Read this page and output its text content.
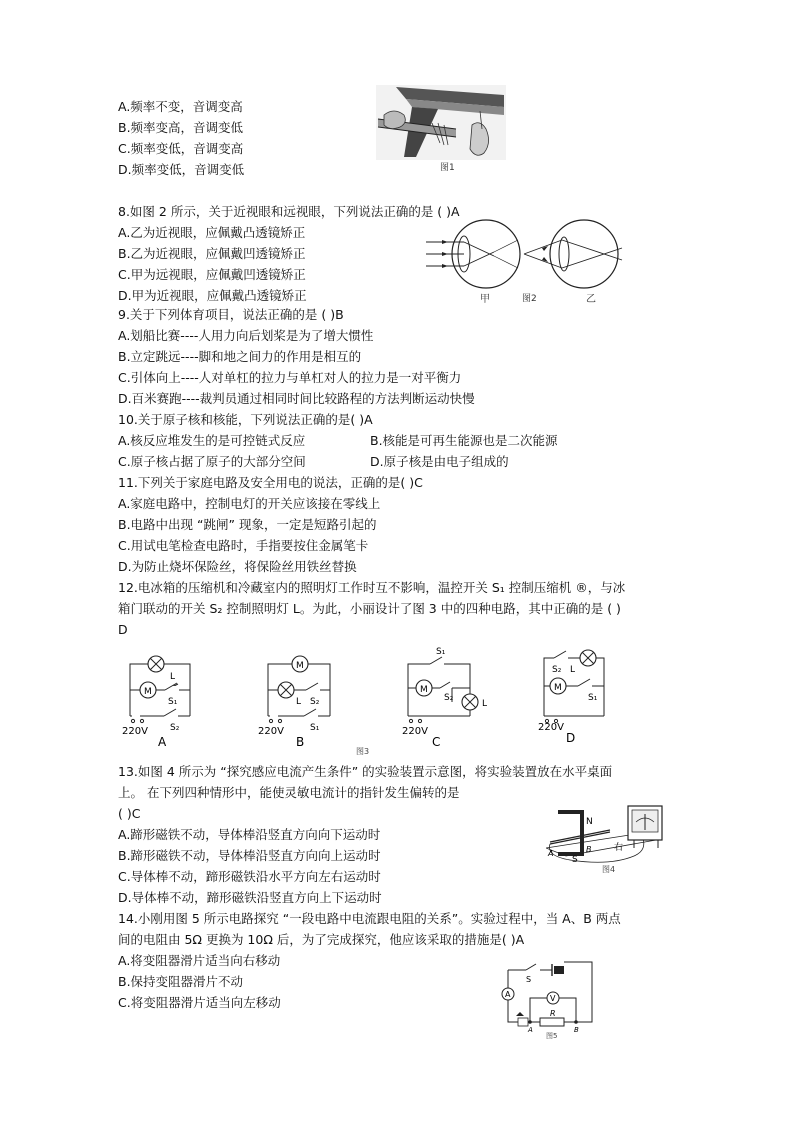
A.频率不变，音调变高
B.频率变高，音调变低
C.频率变低，音调变高
D.频率变低，音调变低	图1
8.如图 2 所示，关于近视眼和远视眼，下列说法正确的是 ( )A
A.乙为近视眼，应佩戴凸透镜矫正
B.乙为近视眼，应佩戴凹透镜矫正
C.甲为远视眼，应佩戴凹透镜矫正
D.甲为近视眼，应佩戴凸透镜矫正	甲	图2	乙
9.关于下列体育项目，说法正确的是 ( )B
A.划船比赛----人用力向后划桨是为了增大惯性
B.立定跳远----脚和地之间力的作用是相互的
C.引体向上----人对单杠的拉力与单杠对人的拉力是一对平衡力
D.百米赛跑----裁判员通过相同时间比较路程的方法判断运动快慢
10.关于原子核和核能，下列说法正确的是( )A
A.核反应堆发生的是可控链式反应	B.核能是可再生能源也是二次能源
C.原子核占据了原子的大部分空间	D.原子核是由电子组成的
11.下列关于家庭电路及安全用电的说法，正确的是( )C
A.家庭电路中，控制电灯的开关应该接在零线上
B.电路中出现 “跳闸” 现象，一定是短路引起的
C.用试电笔检查电路时，手指要按住金属笔卡
D.为防止烧坏保险丝，将保险丝用铁丝替换
12.电冰箱的压缩机和冷藏室内的照明灯工作时互不影响，温控开关 S₁ 控制压缩机 ®，与冰
箱门联动的开关 S₂ 控制照明灯 L。为此，小丽设计了图 3 中的四种电路，其中正确的是 ( )
D
M
L
S₁
S₂
220V
A
M
L S₂
S₁
220V
B
M
S₁
S₂
L
220V
C
M
S₂ L
S₁
220V
D
图3
13.如图 4 所示为 “探究感应电流产生条件” 的实验装置示意图，将实验装置放在水平桌面
上。 在下列四种情形中，能使灵敏电流计的指针发生偏转的是
( )C
A.蹄形磁铁不动，导体棒沿竖直方向向下运动时
B.蹄形磁铁不动，导体棒沿竖直方向向上运动时
C.导体棒不动，蹄形磁铁沿水平方向左右运动时
D.导体棒不动，蹄形磁铁沿竖直方向上下运动时
N
S
A	B	右
图4
14.小刚用图 5 所示电路探究 “一段电路中电流跟电阻的关系”。实验过程中，当 A、B 两点
间的电阻由 5Ω 更换为 10Ω 后，为了完成探究，他应该采取的措施是( )A
A.将变阻器滑片适当向右移动
B.保持变阻器滑片不动
C.将变阻器滑片适当向左移动
A	V
S
R
A	B
图5
